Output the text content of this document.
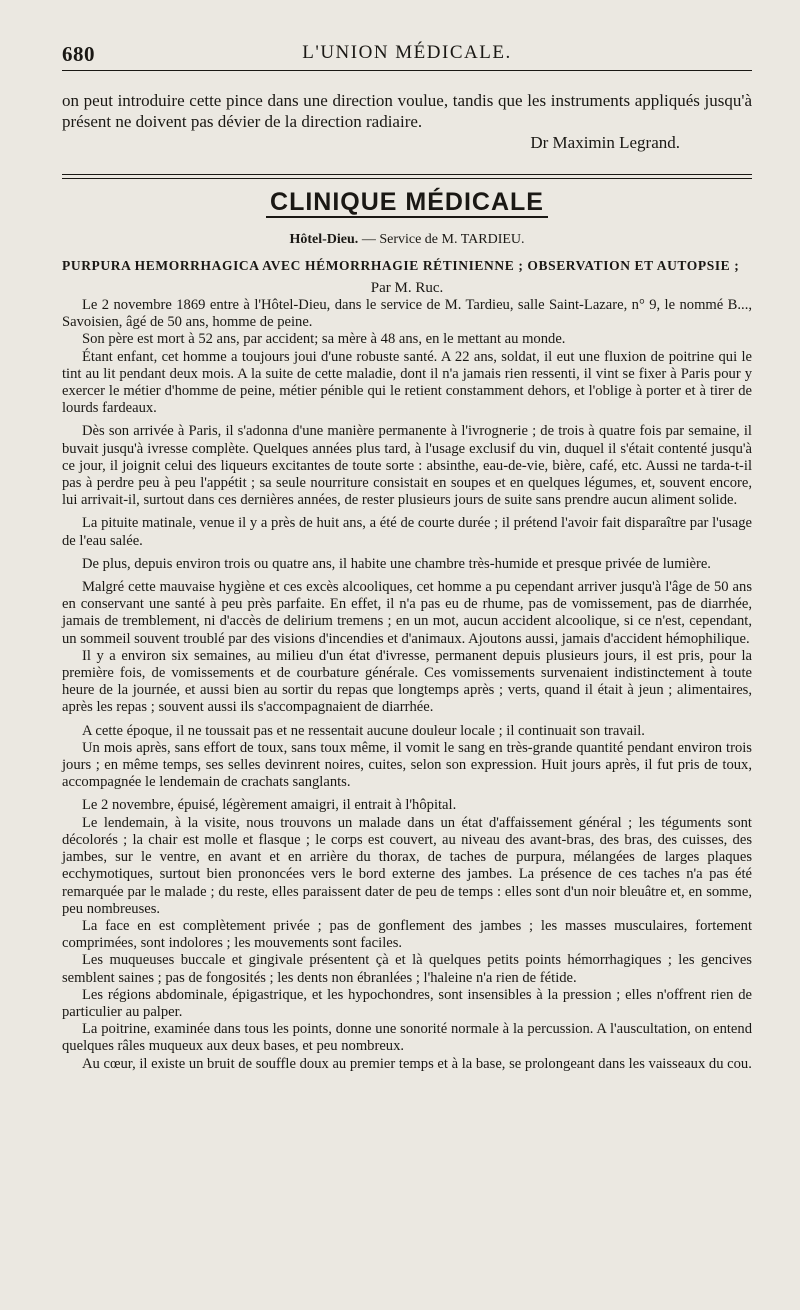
680	L'UNION MÉDICALE.

on peut introduire cette pince dans une direction voulue, tandis que les instruments appliqués jusqu'à présent ne doivent pas dévier de la direction radiaire.

Dr Maximin Legrand.
CLINIQUE MÉDICALE
Hôtel-Dieu. — Service de M. TARDIEU.
PURPURA HEMORRHAGICA AVEC HÉMORRHAGIE RÉTINIENNE ; OBSERVATION ET AUTOPSIE ;
Par M. Ruc.

Le 2 novembre 1869 entre à l'Hôtel-Dieu, dans le service de M. Tardieu, salle Saint-Lazare, n° 9, le nommé B..., Savoisien, âgé de 50 ans, homme de peine.

Son père est mort à 52 ans, par accident; sa mère à 48 ans, en le mettant au monde.

Étant enfant, cet homme a toujours joui d'une robuste santé. A 22 ans, soldat, il eut une fluxion de poitrine qui le tint au lit pendant deux mois. A la suite de cette maladie, dont il n'a jamais rien ressenti, il vint se fixer à Paris pour y exercer le métier d'homme de peine, métier pénible qui le retient constamment dehors, et l'oblige à porter et à tirer de lourds fardeaux.

Dès son arrivée à Paris, il s'adonna d'une manière permanente à l'ivrognerie ; de trois à quatre fois par semaine, il buvait jusqu'à ivresse complète. Quelques années plus tard, à l'usage exclusif du vin, duquel il s'était contenté jusqu'à ce jour, il joignit celui des liqueurs excitantes de toute sorte : absinthe, eau-de-vie, bière, café, etc. Aussi ne tarda-t-il pas à perdre peu à peu l'appétit ; sa seule nourriture consistait en soupes et en quelques légumes, et, souvent encore, lui arrivait-il, surtout dans ces dernières années, de rester plusieurs jours de suite sans prendre aucun aliment solide.

La pituite matinale, venue il y a près de huit ans, a été de courte durée ; il prétend l'avoir fait disparaître par l'usage de l'eau salée.

De plus, depuis environ trois ou quatre ans, il habite une chambre très-humide et presque privée de lumière.

Malgré cette mauvaise hygiène et ces excès alcooliques, cet homme a pu cependant arriver jusqu'à l'âge de 50 ans en conservant une santé à peu près parfaite. En effet, il n'a pas eu de rhume, pas de vomissement, pas de diarrhée, jamais de tremblement, ni d'accès de delirium tremens ; en un mot, aucun accident alcoolique, si ce n'est, cependant, un sommeil souvent troublé par des visions d'incendies et d'animaux. Ajoutons aussi, jamais d'accident hémophilique.

Il y a environ six semaines, au milieu d'un état d'ivresse, permanent depuis plusieurs jours, il est pris, pour la première fois, de vomissements et de courbature générale. Ces vomissements survenaient indistinctement à toute heure de la journée, et aussi bien au sortir du repas que longtemps après ; verts, quand il était à jeun ; alimentaires, après les repas ; souvent aussi ils s'accompagnaient de diarrhée.

A cette époque, il ne toussait pas et ne ressentait aucune douleur locale ; il continuait son travail.

Un mois après, sans effort de toux, sans toux même, il vomit le sang en très-grande quantité pendant environ trois jours ; en même temps, ses selles devinrent noires, cuites, selon son expression. Huit jours après, il fut pris de toux, accompagnée le lendemain de crachats sanglants.

Le 2 novembre, épuisé, légèrement amaigri, il entrait à l'hôpital.

Le lendemain, à la visite, nous trouvons un malade dans un état d'affaissement général ; les téguments sont décolorés ; la chair est molle et flasque ; le corps est couvert, au niveau des avant-bras, des bras, des cuisses, des jambes, sur le ventre, en avant et en arrière du thorax, de taches de purpura, mélangées de larges plaques ecchymotiques, surtout bien prononcées vers le bord externe des jambes. La présence de ces taches n'a pas été remarquée par le malade ; du reste, elles paraissent dater de peu de temps : elles sont d'un noir bleuâtre et, en somme, peu nombreuses.

La face en est complètement privée ; pas de gonflement des jambes ; les masses musculaires, fortement comprimées, sont indolores ; les mouvements sont faciles.

Les muqueuses buccale et gingivale présentent çà et là quelques petits points hémorrhagiques ; les gencives semblent saines ; pas de fongosités ; les dents non ébranlées ; l'haleine n'a rien de fétide.

Les régions abdominale, épigastrique, et les hypochondres, sont insensibles à la pression ; elles n'offrent rien de particulier au palper.

La poitrine, examinée dans tous les points, donne une sonorité normale à la percussion. A l'auscultation, on entend quelques râles muqueux aux deux bases, et peu nombreux.

Au cœur, il existe un bruit de souffle doux au premier temps et à la base, se prolongeant dans les vaisseaux du cou.
